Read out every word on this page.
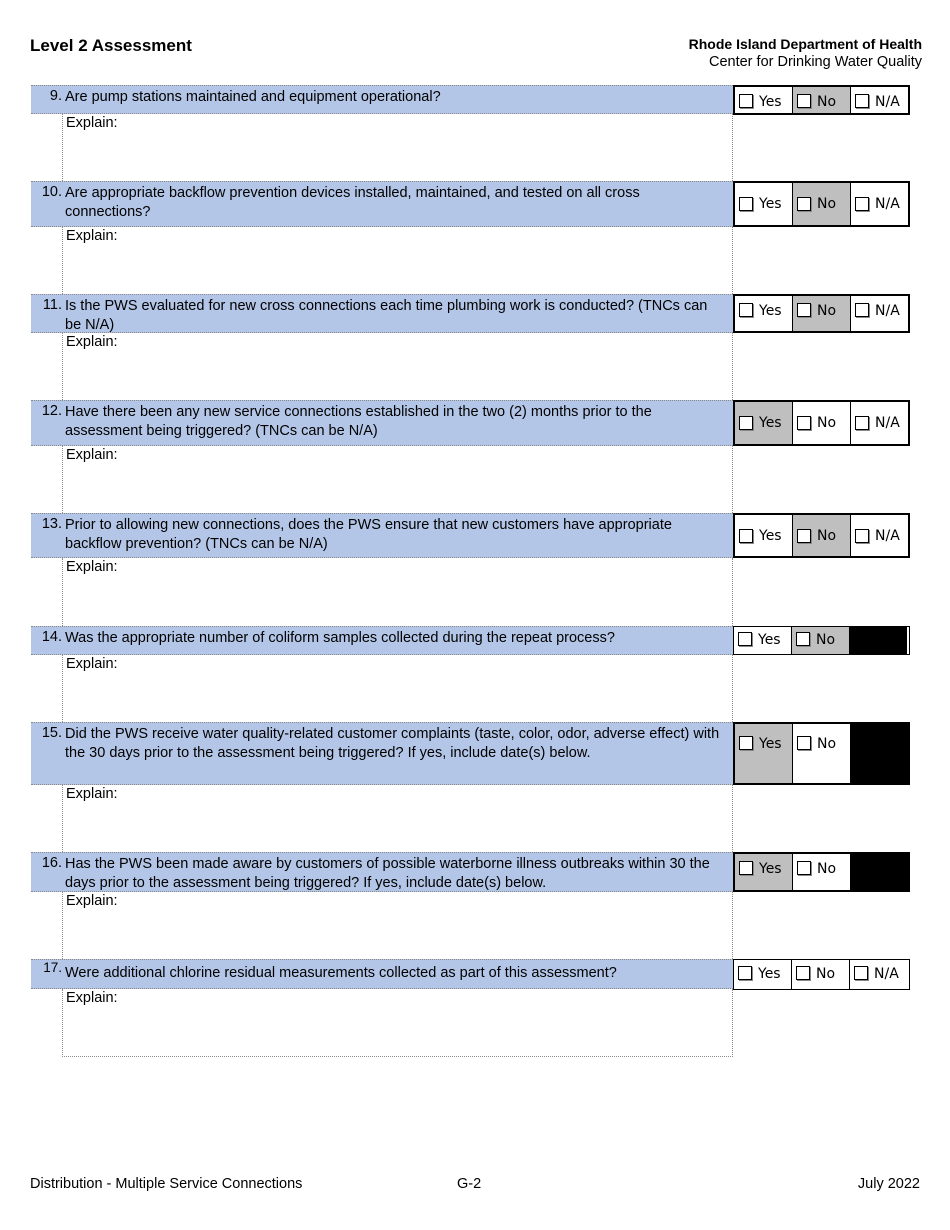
Level 2 Assessment	Rhode Island Department of Health
Center for Drinking Water Quality
9. Are pump stations maintained and equipment operational?
Explain:
Yes	No	N/A
10. Are appropriate backflow prevention devices installed, maintained, and tested on all cross connections?
Explain:
Yes	No	N/A
11. Is the PWS evaluated for new cross connections each time plumbing work is conducted? (TNCs can be N/A)
Explain:
Yes	No	N/A
12. Have there been any new service connections established in the two (2) months prior to the assessment being triggered? (TNCs can be N/A)
Explain:
Yes	No	N/A
13. Prior to allowing new connections, does the PWS ensure that new customers have appropriate backflow prevention? (TNCs can be N/A)
Explain:
Yes	No	N/A
14. Was the appropriate number of coliform samples collected during the repeat process?
Explain:
Yes	No
15. Did the PWS receive water quality-related customer complaints (taste, color, odor, adverse effect) with the 30 days prior to the assessment being triggered? If yes, include date(s) below.
Explain:
Yes	No
16. Has the PWS been made aware by customers of possible waterborne illness outbreaks within 30 the days prior to the assessment being triggered? If yes, include date(s) below.
Explain:
Yes	No
17. Were additional chlorine residual measurements collected as part of this assessment?
Explain:
Yes	No	N/A
Distribution - Multiple Service Connections	G-2	July 2022
